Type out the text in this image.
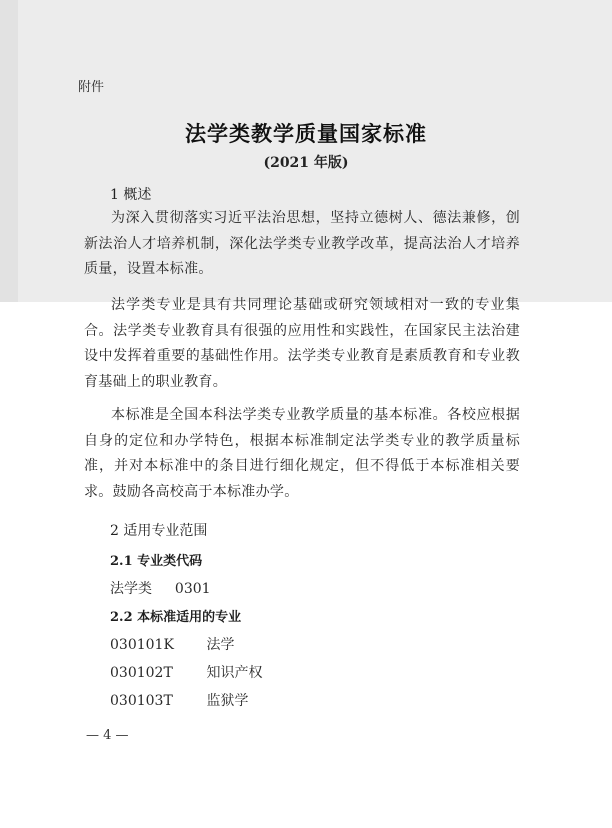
附件
法学类教学质量国家标准
(2021 年版)
1 概述
为深入贯彻落实习近平法治思想，坚持立德树人、德法兼修，创新法治人才培养机制，深化法学类专业教学改革，提高法治人才培养质量，设置本标准。
法学类专业是具有共同理论基础或研究领域相对一致的专业集合。法学类专业教育具有很强的应用性和实践性，在国家民主法治建设中发挥着重要的基础性作用。法学类专业教育是素质教育和专业教育基础上的职业教育。
本标准是全国本科法学类专业教学质量的基本标准。各校应根据自身的定位和办学特色，根据本标准制定法学类专业的教学质量标准，并对本标准中的条目进行细化规定，但不得低于本标准相关要求。鼓励各高校高于本标准办学。
2 适用专业范围
2.1 专业类代码
法学类 0301
2.2 本标准适用的专业
030101K 法学
030102T 知识产权
030103T 监狱学
— 4 —
